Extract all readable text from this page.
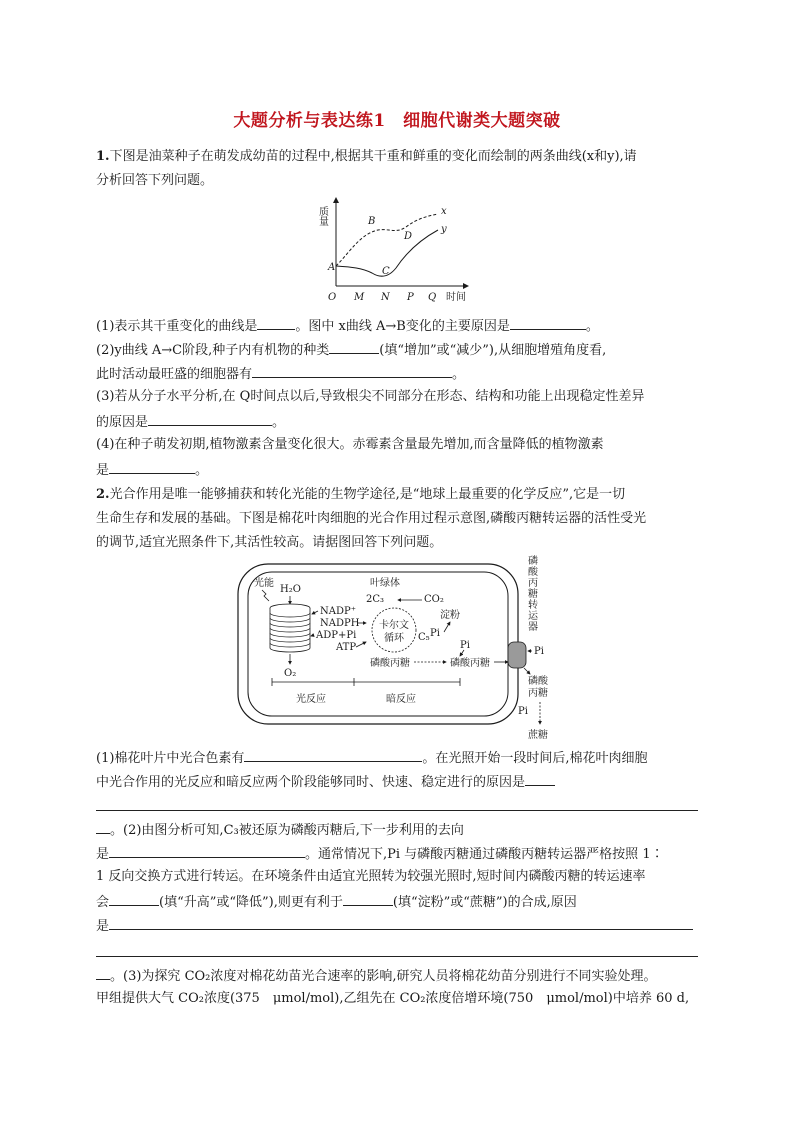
大题分析与表达练1　细胞代谢类大题突破
1.下图是油菜种子在萌发成幼苗的过程中,根据其干重和鲜重的变化而绘制的两条曲线(x和y),请
分析回答下列问题。
质量
O M N P Q 时间
A
B
C
D
x
y
(1)表示其干重变化的曲线是	。图中 x曲线 A→B变化的主要原因是	。
(2)y曲线 A→C阶段,种子内有机物的种类	(填“增加”或“减少”),从细胞增殖角度看,
此时活动最旺盛的细胞器有	。
(3)若从分子水平分析,在 Q时间点以后,导致根尖不同部分在形态、结构和功能上出现稳定性差异
的原因是	。
(4)在种子萌发初期,植物激素含量变化很大。赤霉素含量最先增加,而含量降低的植物激素
是	。
2.光合作用是唯一能够捕获和转化光能的生物学途径,是“地球上最重要的化学反应”,它是一切
生命生存和发展的基础。下图是棉花叶肉细胞的光合作用过程示意图,磷酸丙糖转运器的活性受光
的调节,适宜光照条件下,其活性较高。请据图回答下列问题。
叶绿体
光能
H₂O
O₂
NADP⁺
NADPH
ADP+Pi
ATP
2C₃	CO₂
卡尔文
循环 C₅
淀粉
Pi
Pi
磷酸丙糖	磷酸丙糖
Pi
磷
酸
丙
糖
转
运
器
磷酸
丙糖
Pi
蔗糖
光反应	暗反应
(1)棉花叶片中光合色素有	。在光照开始一段时间后,棉花叶肉细胞
中光合作用的光反应和暗反应两个阶段能够同时、快速、稳定进行的原因是
。(2)由图分析可知,C₃被还原为磷酸丙糖后,下一步利用的去向
是	。通常情况下,Pi 与磷酸丙糖通过磷酸丙糖转运器严格按照 1∶
1 反向交换方式进行转运。在环境条件由适宜光照转为较强光照时,短时间内磷酸丙糖的转运速率
会	(填“升高”或“降低”),则更有利于	(填“淀粉”或“蔗糖”)的合成,原因
是
。(3)为探究 CO₂浓度对棉花幼苗光合速率的影响,研究人员将棉花幼苗分别进行不同实验处理。
甲组提供大气 CO₂浓度(375　μmol/mol),乙组先在 CO₂浓度倍增环境(750　μmol/mol)中培养 60 d,
